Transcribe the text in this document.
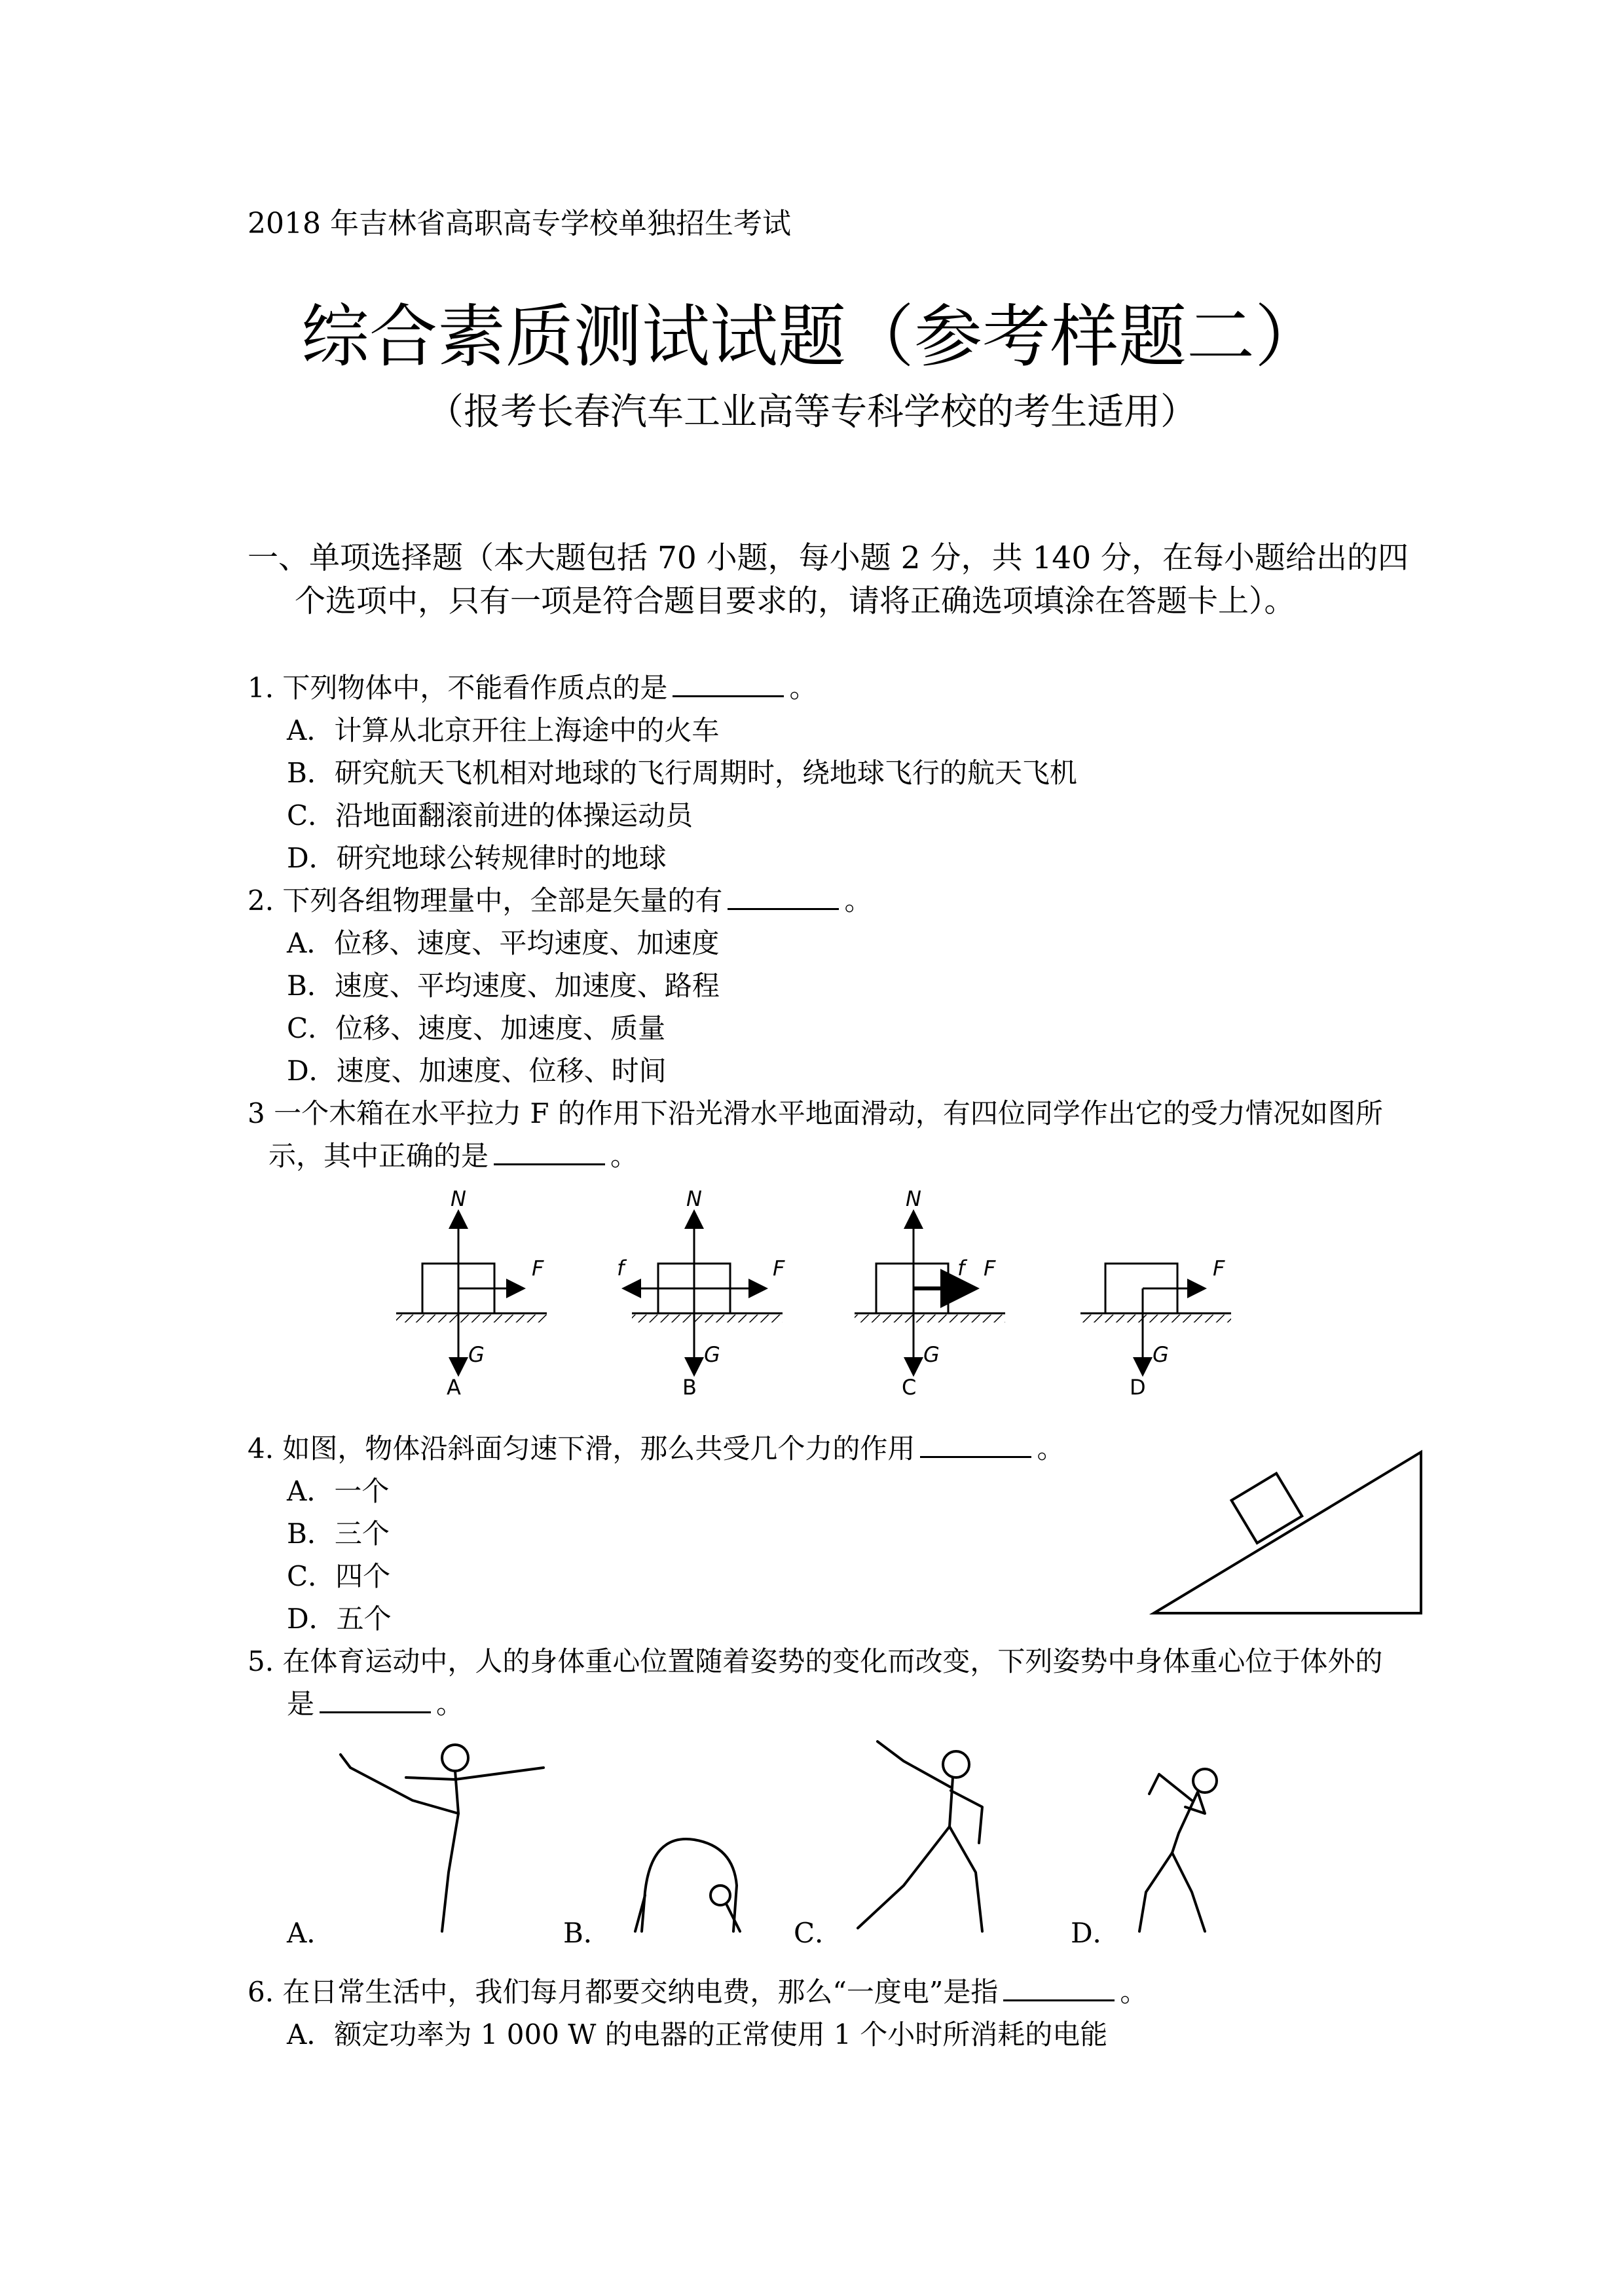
2018 年吉林省高职高专学校单独招生考试
综合素质测试试题（参考样题二）
（报考长春汽车工业高等专科学校的考生适用）
一、单项选择题（本大题包括 70 小题，每小题 2 分，共 140 分，在每小题给出的四
个选项中，只有一项是符合题目要求的，请将正确选项填涂在答题卡上）。
1. 下列物体中，不能看作质点的是	。
A．计算从北京开往上海途中的火车
B．研究航天飞机相对地球的飞行周期时，绕地球飞行的航天飞机
C．沿地面翻滚前进的体操运动员
D．研究地球公转规律时的地球
2. 下列各组物理量中，全部是矢量的有	。
A．位移、速度、平均速度、加速度
B．速度、平均速度、加速度、路程
C．位移、速度、加速度、质量
D．速度、加速度、位移、时间
3 一个木箱在水平拉力 F 的作用下沿光滑水平地面滑动，有四位同学作出它的受力情况如图所
示，其中正确的是	。
N
F
G
A
N
F
f
G
B
N
f F
G
C
F
G
D
4. 如图，物体沿斜面匀速下滑，那么共受几个力的作用	。
A．一个
B．三个
C．四个
D．五个
5. 在体育运动中，人的身体重心位置随着姿势的变化而改变，下列姿势中身体重心位于体外的
是	。
A．	B．	C．	D．
6. 在日常生活中，我们每月都要交纳电费，那么“一度电”是指	。
A．额定功率为 1 000 W 的电器的正常使用 1 个小时所消耗的电能
